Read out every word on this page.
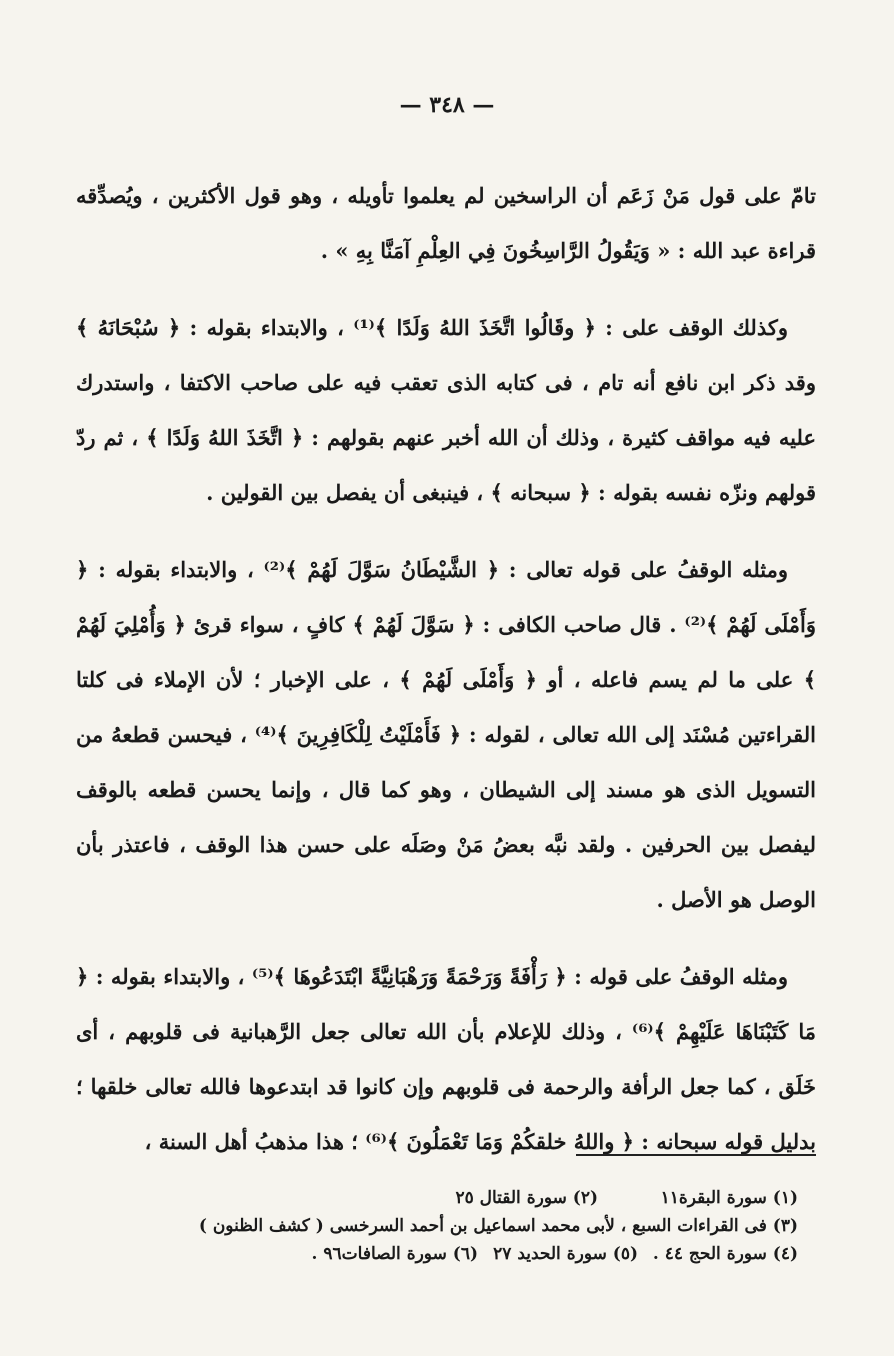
— ٣٤٨ —

تامّ على قول مَنْ زَعَم أن الراسخين لم يعلموا تأويله ، وهو قول الأكثرين ، ويُصدِّقه قراءة عبد الله : « وَيَقُولُ الرَّاسِخُونَ فِي العِلْمِ آمَنَّا بِهِ » .

وكذلك الوقف على : ﴿ وقَالُوا اتَّخَذَ اللهُ وَلَدًا ﴾⁽¹⁾ ، والابتداء بقوله : ﴿ سُبْحَانَهُ ﴾ وقد ذكر ابن نافع أنه تام ، فى كتابه الذى تعقب فيه على صاحب الاكتفا ، واستدرك عليه فيه مواقف كثيرة ، وذلك أن الله أخبر عنهم بقولهم : ﴿ اتَّخَذَ اللهُ وَلَدًا ﴾ ، ثم ردّ قولهم ونزّه نفسه بقوله : ﴿ سبحانه ﴾ ، فينبغى أن يفصل بين القولين .

ومثله الوقفُ على قوله تعالى : ﴿ الشَّيْطَانُ سَوَّلَ لَهُمْ ﴾⁽²⁾ ، والابتداء بقوله : ﴿ وَأَمْلَى لَهُمْ ﴾⁽²⁾ . قال صاحب الكافى : ﴿ سَوَّلَ لَهُمْ ﴾ كافٍ ، سواء قرئ ﴿ وَأُمْلِيَ لَهُمْ ﴾ على ما لم يسم فاعله ، أو ﴿ وَأَمْلَى لَهُمْ ﴾ ، على الإخبار ؛ لأن الإملاء فى كلتا القراءتين مُسْنَد إلى الله تعالى ، لقوله : ﴿ فَأَمْلَيْتُ لِلْكَافِرِينَ ﴾⁽⁴⁾ ، فيحسن قطعهُ من التسويل الذى هو مسند إلى الشيطان ، وهو كما قال ، وإنما يحسن قطعه بالوقف ليفصل بين الحرفين . ولقد نبَّه بعضُ مَنْ وصَلَه على حسن هذا الوقف ، فاعتذر بأن الوصل هو الأصل .

ومثله الوقفُ على قوله : ﴿ رَأْفَةً وَرَحْمَةً وَرَهْبَانِيَّةً ابْتَدَعُوهَا ﴾⁽⁵⁾ ، والابتداء بقوله : ﴿ مَا كَتَبْنَاهَا عَلَيْهِمْ ﴾⁽⁶⁾ ، وذلك للإعلام بأن الله تعالى جعل الرَّهبانية فى قلوبهم ، أى خَلَق ، كما جعل الرأفة والرحمة فى قلوبهم وإن كانوا قد ابتدعوها فالله تعالى خلقها ؛ بدليل قوله سبحانه : ﴿ واللهُ خلقكُمْ وَمَا تَعْمَلُونَ ﴾⁽⁶⁾ ؛ هذا مذهبُ أهل السنة ،

(١) سورة البقرة١١
(٢) سورة القتال ٢٥
(٣) فى القراءات السبع ، لأبى محمد اسماعيل بن أحمد السرخسى ( كشف الظنون )
(٤) سورة الحج ٤٤ .
(٥) سورة الحديد ٢٧
(٦) سورة الصافات٩٦ .
